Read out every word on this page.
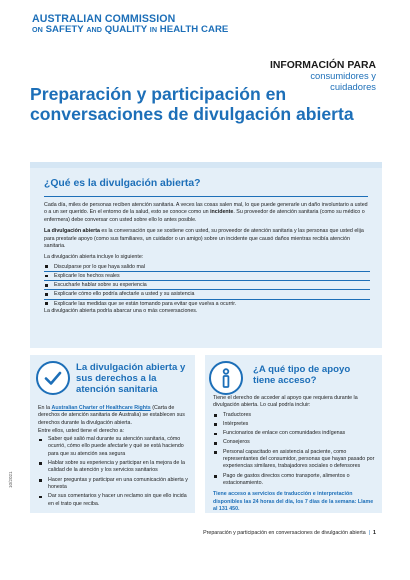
AUSTRALIAN COMMISSION
ON SAFETY AND QUALITY IN HEALTH CARE
INFORMACIÓN PARA
consumidores y
cuidadores
Preparación y participación en conversaciones de divulgación abierta
¿Qué es la divulgación abierta?

Cada día, miles de personas reciben atención sanitaria. A veces las cosas salen mal, lo que puede generarle un daño involuntario a usted o a un ser querido. En el entorno de la salud, esto se conoce como un incidente. Su proveedor de atención sanitaria (como su médico o enfermera) debe conversar con usted sobre ello lo antes posible.

La divulgación abierta es la conversación que se sostiene con usted, su proveedor de atención sanitaria y las personas que usted elija para prestarle apoyo (como sus familiares, un cuidador o un amigo) sobre un incidente que causó daños mientras recibía atención sanitaria.

La divulgación abierta incluye lo siguiente:

Disculparse por lo que haya salido mal
Explicarle los hechos reales
Escucharle hablar sobre su experiencia
Explicarle cómo ello podría afectarle a usted y su asistencia
Explicarle las medidas que se están tomando para evitar que vuelva a ocurrir.

La divulgación abierta podría abarcar una o más conversaciones.

La divulgación abierta y sus derechos a la atención sanitaria

En la Australian Charter of Healthcare Rights (Carta de derechos de atención sanitaria de Australia) se establecen sus derechos durante la divulgación abierta.

Entre ellos, usted tiene el derecho a:

Saber qué salió mal durante su atención sanitaria, cómo ocurrió, cómo ello puede afectarle y qué se está haciendo para que su atención sea segura
Hablar sobre su experiencia y participar en la mejora de la calidad de la atención y los servicios sanitarios
Hacer preguntas y participar en una comunicación abierta y honesta
Dar sus comentarios y hacer un reclamo sin que ello incida en el trato que reciba.
¿A qué tipo de apoyo tiene acceso?

Tiene el derecho de acceder al apoyo que requiera durante la divulgación abierta. Lo cual podría incluir:

Traductores
Intérpretes
Funcionarios de enlace con comunidades indígenas
Consejeros
Personal capacitado en asistencia al paciente, como representantes del consumidor, personas que hayan pasado por experiencias similares, trabajadores sociales o defensores
Pago de gastos directos como transporte, alimentos o estacionamiento.

Tiene acceso a servicios de traducción e interpretación disponibles las 24 horas del día, los 7 días de la semana: Llame al 131 450.

10/2021
Preparación y participación en conversaciones de divulgación abierta | 1
